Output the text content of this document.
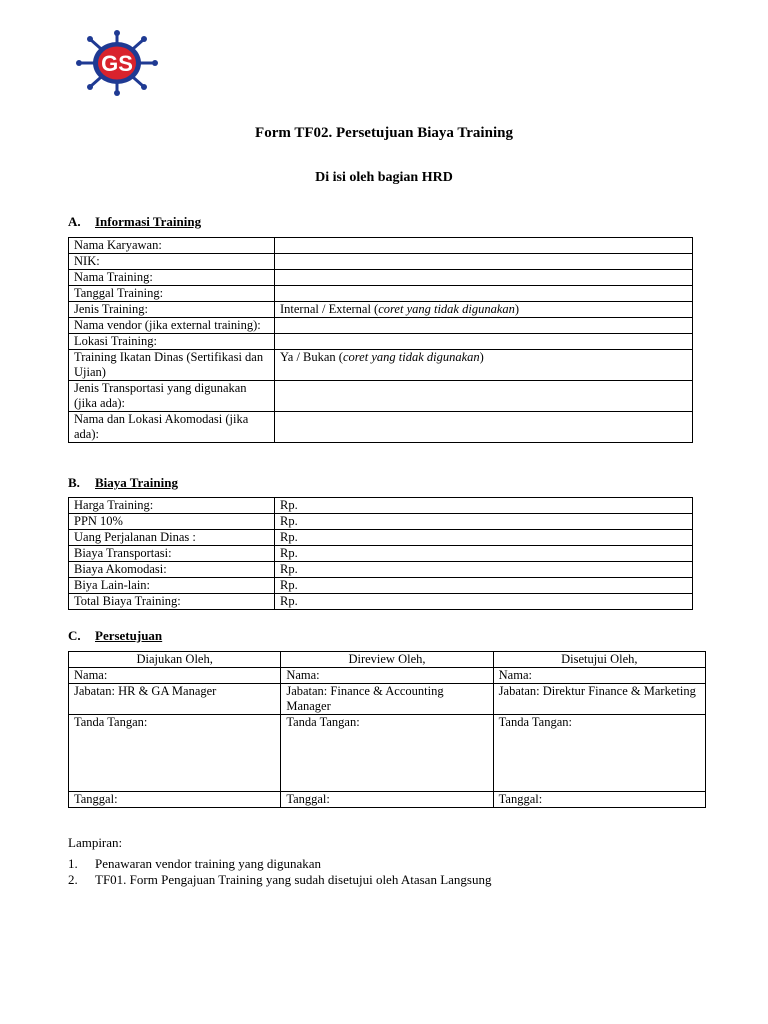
GS
Form TF02. Persetujuan Biaya Training
Di isi oleh bagian HRD
A. Informasi Training
Nama Karyawan:	
NIK:	
Nama Training:	
Tanggal Training:	
Jenis Training:	Internal / External (coret yang tidak digunakan)
Nama vendor (jika external training):	
Lokasi Training:	
Training Ikatan Dinas (Sertifikasi dan Ujian)	Ya / Bukan (coret yang tidak digunakan)
Jenis Transportasi yang digunakan (jika ada):	
Nama dan Lokasi Akomodasi (jika ada):	
B. Biaya Training
Harga Training:	Rp.
PPN 10%	Rp.
Uang Perjalanan Dinas :	Rp.
Biaya Transportasi:	Rp.
Biaya Akomodasi:	Rp.
Biya Lain-lain:	Rp.
Total Biaya Training:	Rp.
C. Persetujuan
Diajukan Oleh,	Direview Oleh,	Disetujui Oleh,
Nama:	Nama:	Nama:
Jabatan: HR & GA Manager	Jabatan: Finance & Accounting Manager	Jabatan: Direktur Finance & Marketing
Tanda Tangan:	Tanda Tangan:	Tanda Tangan:
Tanggal:	Tanggal:	Tanggal:
Lampiran:
1. Penawaran vendor training yang digunakan
2. TF01. Form Pengajuan Training yang sudah disetujui oleh Atasan Langsung
